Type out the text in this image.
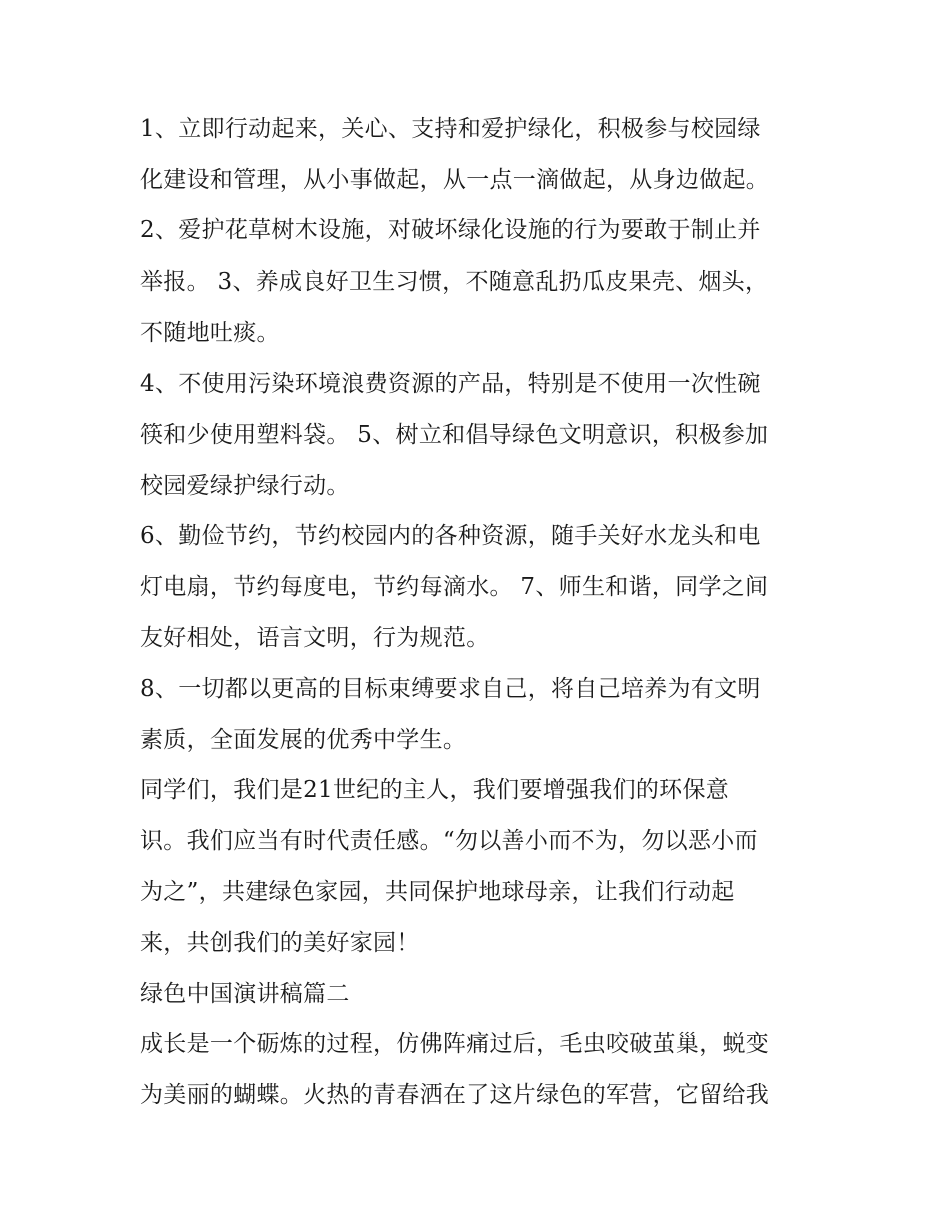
1、立即行动起来，关心、支持和爱护绿化，积极参与校园绿
化建设和管理，从小事做起，从一点一滴做起，从身边做起。
2、爱护花草树木设施，对破坏绿化设施的行为要敢于制止并
举报。 3、养成良好卫生习惯，不随意乱扔瓜皮果壳、烟头，
不随地吐痰。
4、不使用污染环境浪费资源的产品，特别是不使用一次性碗
筷和少使用塑料袋。 5、树立和倡导绿色文明意识，积极参加
校园爱绿护绿行动。
6、勤俭节约，节约校园内的各种资源，随手关好水龙头和电
灯电扇，节约每度电，节约每滴水。 7、师生和谐，同学之间
友好相处，语言文明，行为规范。
8、一切都以更高的目标束缚要求自己，将自己培养为有文明
素质，全面发展的优秀中学生。
同学们，我们是21世纪的主人，我们要增强我们的环保意
识。我们应当有时代责任感。“勿以善小而不为，勿以恶小而
为之”，共建绿色家园，共同保护地球母亲，让我们行动起
来，共创我们的美好家园！
绿色中国演讲稿篇二
成长是一个砺炼的过程，仿佛阵痛过后，毛虫咬破茧巢，蜕变
为美丽的蝴蝶。火热的青春洒在了这片绿色的军营，它留给我
